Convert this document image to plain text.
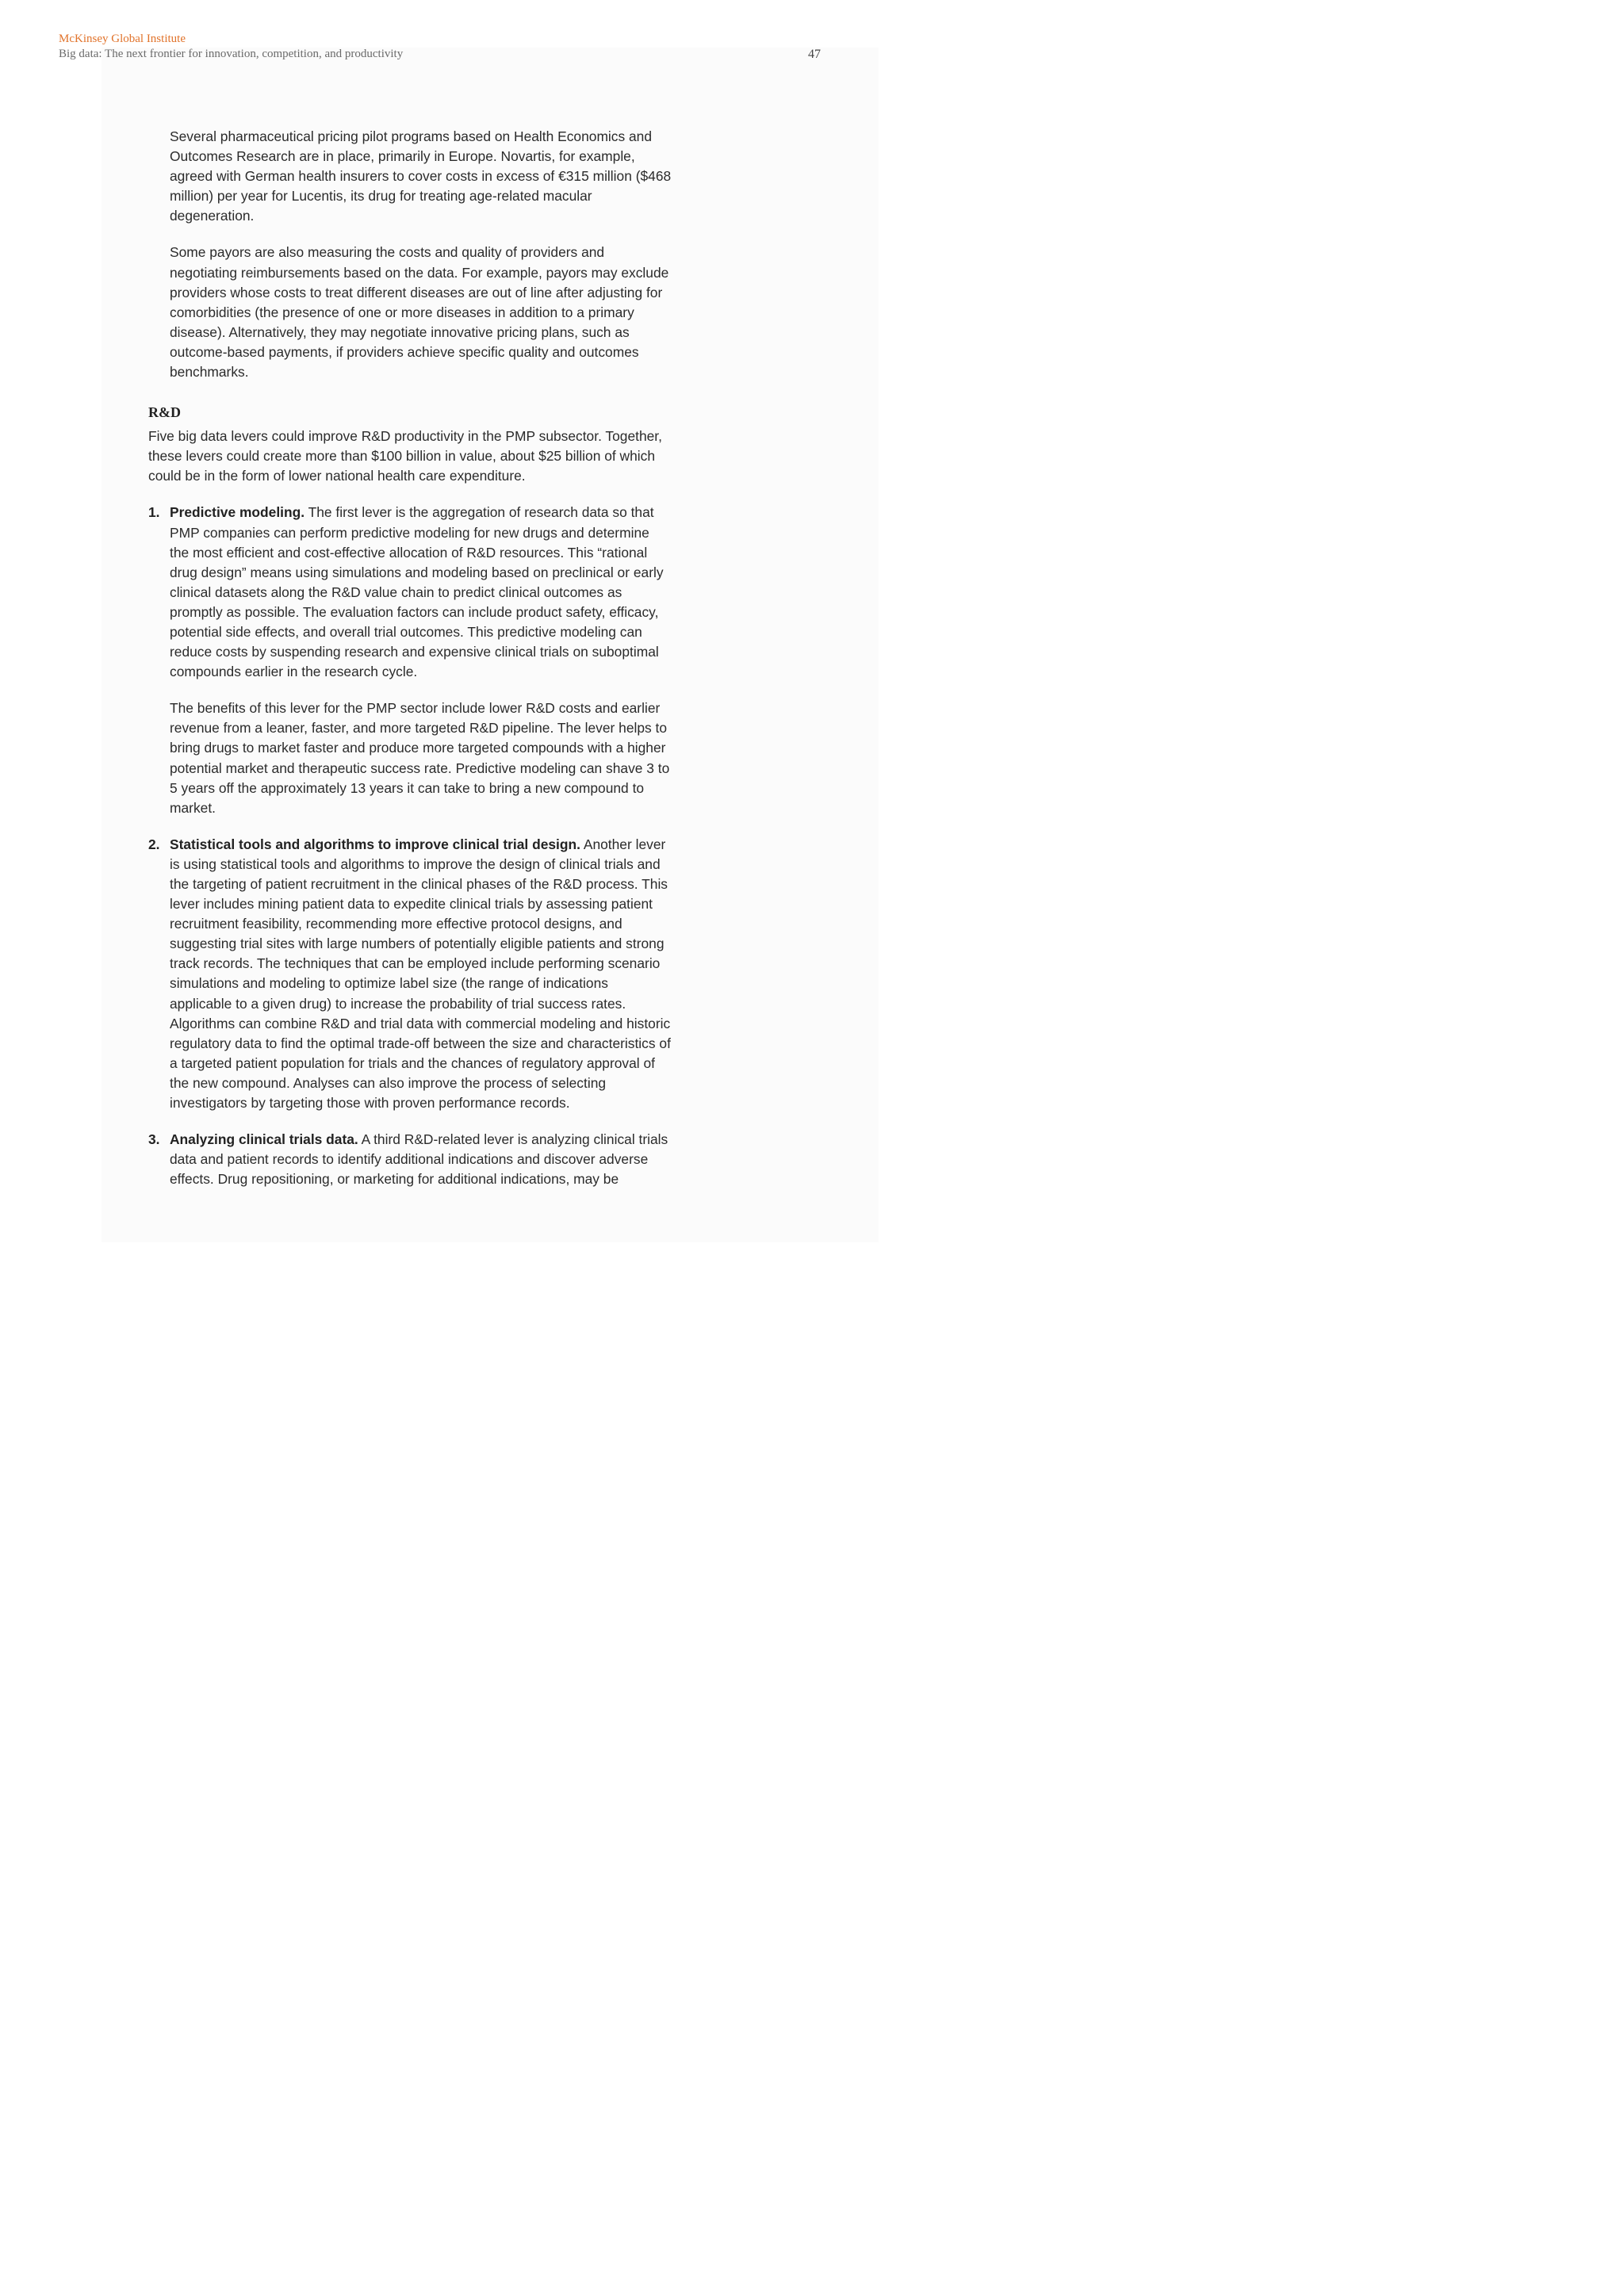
McKinsey Global Institute
Big data: The next frontier for innovation, competition, and productivity	47

Several pharmaceutical pricing pilot programs based on Health Economics and Outcomes Research are in place, primarily in Europe. Novartis, for example, agreed with German health insurers to cover costs in excess of €315 million ($468 million) per year for Lucentis, its drug for treating age-related macular degeneration.

Some payors are also measuring the costs and quality of providers and negotiating reimbursements based on the data. For example, payors may exclude providers whose costs to treat different diseases are out of line after adjusting for comorbidities (the presence of one or more diseases in addition to a primary disease). Alternatively, they may negotiate innovative pricing plans, such as outcome-based payments, if providers achieve specific quality and outcomes benchmarks.

R&D

Five big data levers could improve R&D productivity in the PMP subsector. Together, these levers could create more than $100 billion in value, about $25 billion of which could be in the form of lower national health care expenditure.

1. Predictive modeling. The first lever is the aggregation of research data so that PMP companies can perform predictive modeling for new drugs and determine the most efficient and cost-effective allocation of R&D resources. This “rational drug design” means using simulations and modeling based on preclinical or early clinical datasets along the R&D value chain to predict clinical outcomes as promptly as possible. The evaluation factors can include product safety, efficacy, potential side effects, and overall trial outcomes. This predictive modeling can reduce costs by suspending research and expensive clinical trials on suboptimal compounds earlier in the research cycle.

The benefits of this lever for the PMP sector include lower R&D costs and earlier revenue from a leaner, faster, and more targeted R&D pipeline. The lever helps to bring drugs to market faster and produce more targeted compounds with a higher potential market and therapeutic success rate. Predictive modeling can shave 3 to 5 years off the approximately 13 years it can take to bring a new compound to market.

2. Statistical tools and algorithms to improve clinical trial design. Another lever is using statistical tools and algorithms to improve the design of clinical trials and the targeting of patient recruitment in the clinical phases of the R&D process. This lever includes mining patient data to expedite clinical trials by assessing patient recruitment feasibility, recommending more effective protocol designs, and suggesting trial sites with large numbers of potentially eligible patients and strong track records. The techniques that can be employed include performing scenario simulations and modeling to optimize label size (the range of indications applicable to a given drug) to increase the probability of trial success rates. Algorithms can combine R&D and trial data with commercial modeling and historic regulatory data to find the optimal trade-off between the size and characteristics of a targeted patient population for trials and the chances of regulatory approval of the new compound. Analyses can also improve the process of selecting investigators by targeting those with proven performance records.

3. Analyzing clinical trials data. A third R&D-related lever is analyzing clinical trials data and patient records to identify additional indications and discover adverse effects. Drug repositioning, or marketing for additional indications, may be
